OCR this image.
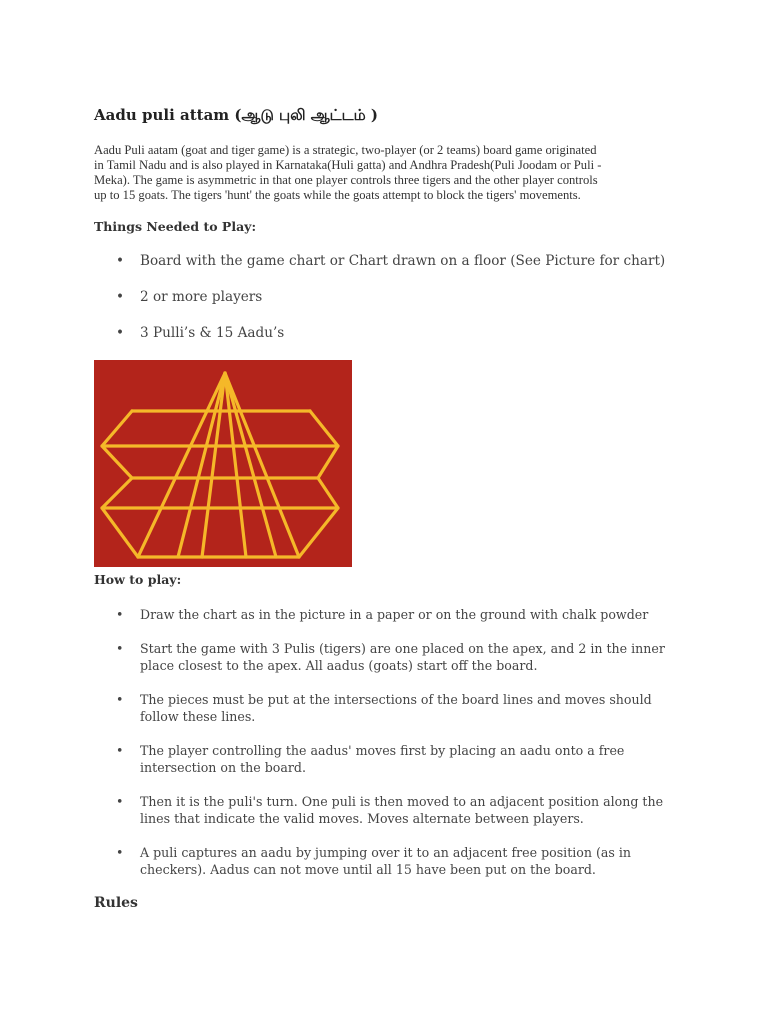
Aadu puli attam (ஆடு புலி ஆட்டம் )

Aadu Puli aatam (goat and tiger game) is a strategic, two-player (or 2 teams) board game originated
in Tamil Nadu and is also played in Karnataka(Huli gatta) and Andhra Pradesh(Puli Joodam or Puli -
Meka). The game is asymmetric in that one player controls three tigers and the other player controls
up to 15 goats. The tigers 'hunt' the goats while the goats attempt to block the tigers' movements.

Things Needed to Play:
• Board with the game chart or Chart drawn on a floor (See Picture for chart)
• 2 or more players
• 3 Pulli’s & 15 Aadu’s
How to play:
• Draw the chart as in the picture in a paper or on the ground with chalk powder
• Start the game with 3 Pulis (tigers) are one placed on the apex, and 2 in the inner
place closest to the apex. All aadus (goats) start off the board.
• The pieces must be put at the intersections of the board lines and moves should
follow these lines.
• The player controlling the aadus' moves first by placing an aadu onto a free
intersection on the board.
• Then it is the puli's turn. One puli is then moved to an adjacent position along the
lines that indicate the valid moves. Moves alternate between players.
• A puli captures an aadu by jumping over it to an adjacent free position (as in
checkers). Aadus can not move until all 15 have been put on the board.
Rules
